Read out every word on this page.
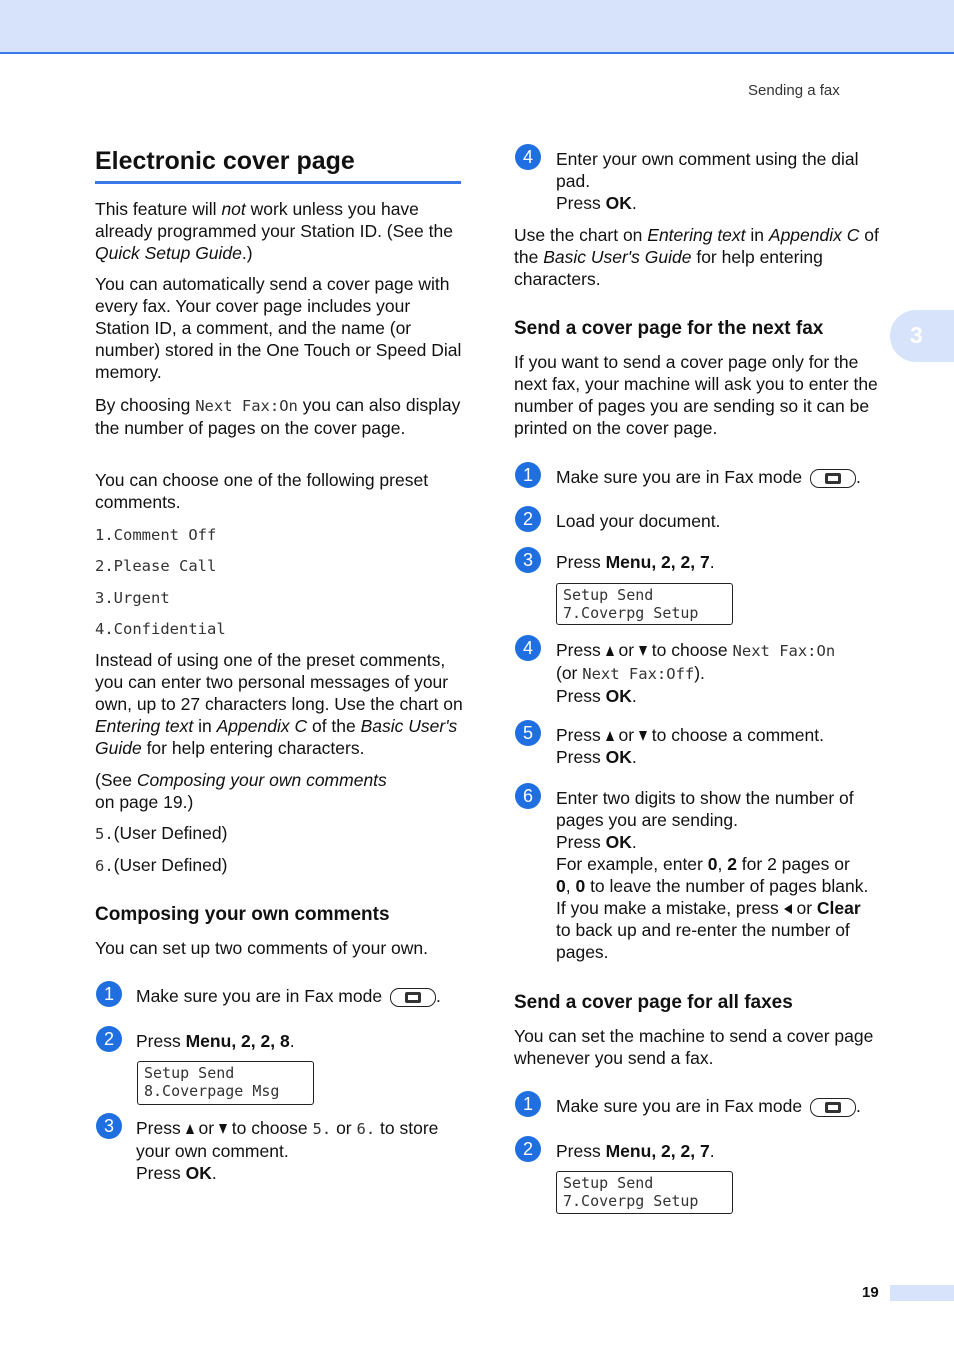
Sending a fax
3
Electronic cover page

This feature will not work unless you have already programmed your Station ID. (See the Quick Setup Guide.)

You can automatically send a cover page with every fax. Your cover page includes your Station ID, a comment, and the name (or number) stored in the One Touch or Speed Dial memory.

By choosing Next Fax:On you can also display the number of pages on the cover page.

You can choose one of the following preset comments.

1.Comment Off
2.Please Call
3.Urgent
4.Confidential

Instead of using one of the preset comments, you can enter two personal messages of your own, up to 27 characters long. Use the chart on Entering text in Appendix C of the Basic User's Guide for help entering characters.

(See Composing your own comments
on page 19.)

5.(User Defined)
6.(User Defined)
Composing your own comments

You can set up two comments of your own.

1	Make sure you are in Fax mode	.

2	Press Menu, 2, 2, 8.

Setup Send
8.Coverpage Msg
3	Press  or  to choose 5. or 6. to store your own comment.
Press OK.

4	Enter your own comment using the dial pad.
Press OK.

Use the chart on Entering text in Appendix C of the Basic User's Guide for help entering characters.

Send a cover page for the next fax

If you want to send a cover page only for the next fax, your machine will ask you to enter the number of pages you are sending so it can be printed on the cover page.

1	Make sure you are in Fax mode	.

2	Load your document.

3	Press Menu, 2, 2, 7.

Setup Send
7.Coverpg Setup
4	Press  or  to choose Next Fax:On
(or Next Fax:Off).
Press OK.

5	Press  or  to choose a comment.
Press OK.

6	Enter two digits to show the number of pages you are sending.
Press OK.
For example, enter 0, 2 for 2 pages or
0, 0 to leave the number of pages blank.
If you make a mistake, press  or Clear
to back up and re-enter the number of pages.

Send a cover page for all faxes

You can set the machine to send a cover page whenever you send a fax.

1	Make sure you are in Fax mode	.

2	Press Menu, 2, 2, 7.

Setup Send
7.Coverpg Setup
19
